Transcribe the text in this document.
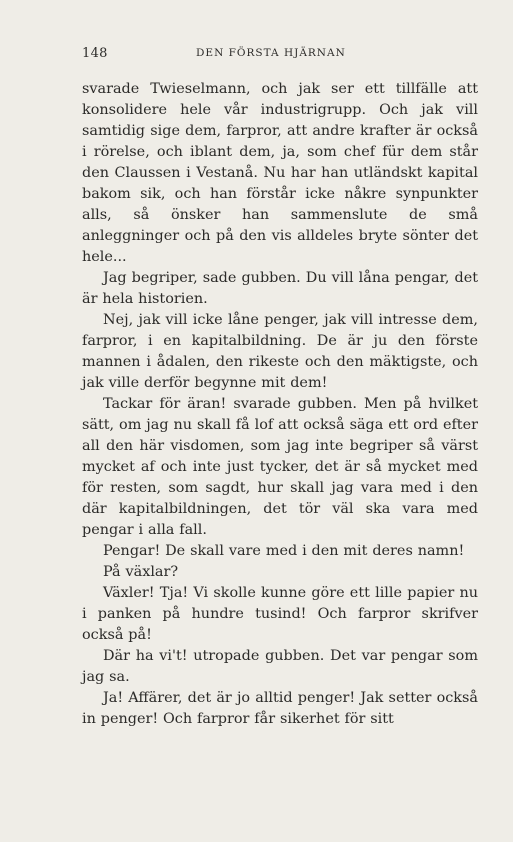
148	DEN FÖRSTA HJÄRNAN

svarade Twieselmann, och jak ser ett tillfälle att konsolidere hele vår industrigrupp. Och jak vill samtidig sige dem, farpror, att andre krafter är också i rörelse, och iblant dem, ja, som chef für dem står den Claussen i Vestanå. Nu har han utländskt kapital bakom sik, och han förstår icke nåkre synpunkter alls, så önsker han sammenslute de små anleggninger och på den vis alldeles bryte sönter det hele...

Jag begriper, sade gubben. Du vill låna pengar, det är hela historien.

Nej, jak vill icke låne penger, jak vill intresse dem, farpror, i en kapitalbildning. De är ju den förste mannen i ådalen, den rikeste och den mäktigste, och jak ville derför begynne mit dem!

Tackar för äran! svarade gubben. Men på hvilket sätt, om jag nu skall få lof att också säga ett ord efter all den här visdomen, som jag inte begriper så värst mycket af och inte just tycker, det är så mycket med för resten, som sagdt, hur skall jag vara med i den där kapitalbildningen, det tör väl ska vara med pengar i alla fall.

Pengar! De skall vare med i den mit deres namn!

På växlar?

Växler! Tja! Vi skolle kunne göre ett lille papier nu i panken på hundre tusind! Och farpror skrifver också på!

Där ha vi't! utropade gubben. Det var pengar som jag sa.

Ja! Affärer, det är jo alltid penger! Jak setter också in penger! Och farpror får sikerhet för sitt
